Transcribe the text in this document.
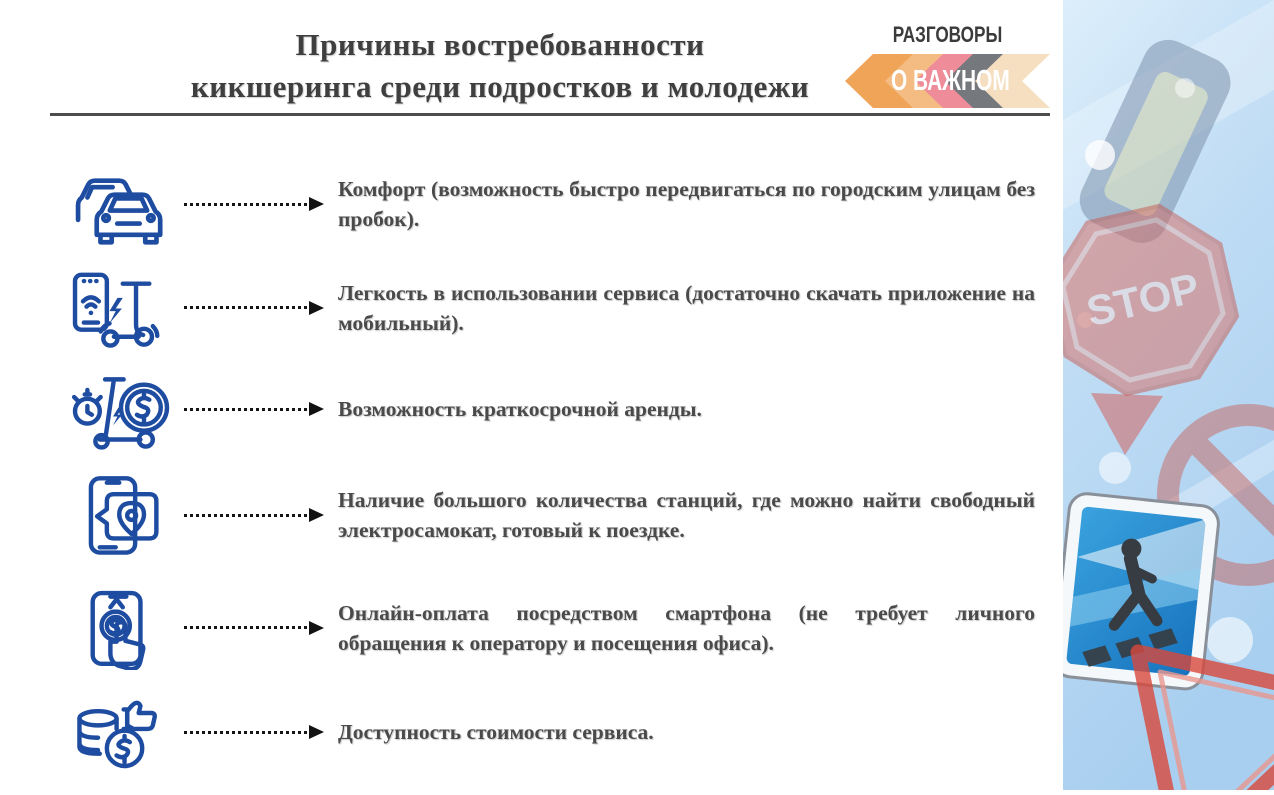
Причины востребованности
кикшеринга среди подростков и молодежи
РАЗГОВОРЫ
О ВАЖНОМ
Комфорт (возможность быстро передвигаться по городским улицам без пробок).
Легкость в использовании сервиса (достаточно скачать приложение на мобильный).
Возможность краткосрочной аренды.
Наличие большого количества станций, где можно найти свободный электросамокат, готовый к поездке.
Онлайн-оплата посредством смартфона (не требует личного обращения к оператору и посещения офиса).
Доступность стоимости сервиса.
STOP
